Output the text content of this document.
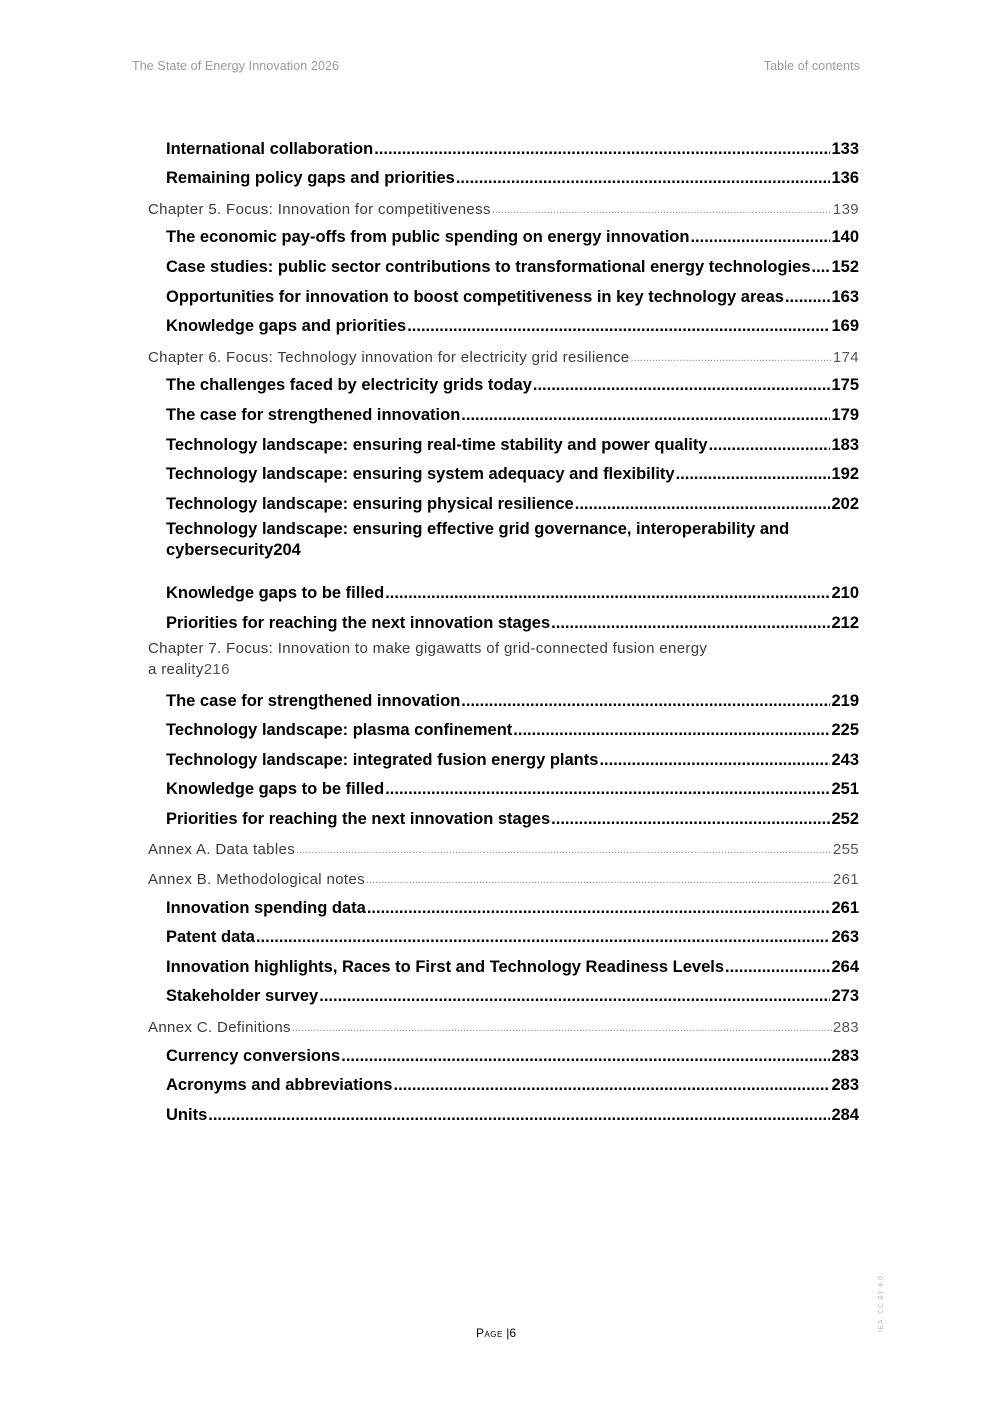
The State of Energy Innovation 2026	Table of contents
International collaboration .....	133
Remaining policy gaps and priorities .....	136
Chapter 5. Focus: Innovation for competitiveness .....	139
The economic pay-offs from public spending on energy innovation .....	140
Case studies: public sector contributions to transformational energy technologies ..... 152
Opportunities for innovation to boost competitiveness in key technology areas .....	163
Knowledge gaps and priorities .....	169
Chapter 6. Focus: Technology innovation for electricity grid resilience .....	174
The challenges faced by electricity grids today .....	175
The case for strengthened innovation .....	179
Technology landscape: ensuring real-time stability and power quality .....	183
Technology landscape: ensuring system adequacy and flexibility .....	192
Technology landscape: ensuring physical resilience .....	202
Technology landscape: ensuring effective grid governance, interoperability and
cybersecurity 204
Knowledge gaps to be filled .....	210
Priorities for reaching the next innovation stages .....	212
Chapter 7. Focus: Innovation to make gigawatts of grid-connected fusion energy
a reality 216
The case for strengthened innovation .....	219
Technology landscape: plasma confinement .....	225
Technology landscape: integrated fusion energy plants .....	243
Knowledge gaps to be filled .....	251
Priorities for reaching the next innovation stages .....	252
Annex A. Data tables .....	255
Annex B. Methodological notes .....	261
Innovation spending data .....	261
Patent data .....	263
Innovation highlights, Races to First and Technology Readiness Levels .....	264
Stakeholder survey .....	273
Annex C. Definitions .....	283
Currency conversions .....	283
Acronyms and abbreviations .....	283
Units .....	284
Page |6
IEA. CC BY 4.0.
